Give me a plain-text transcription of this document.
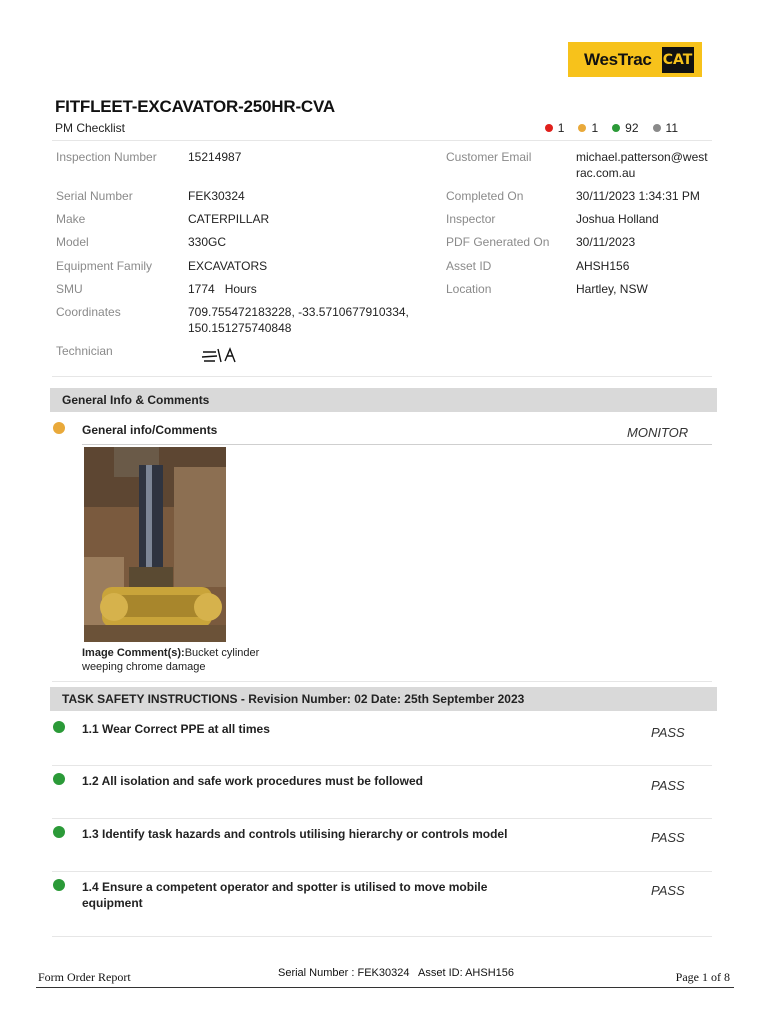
WesTrac CAT
FITFLEET-EXCAVATOR-250HR-CVA
PM Checklist	1 1 92 11
Inspection Number	15214987
Serial Number	FEK30324
Make	CATERPILLAR
Model	330GC
Equipment Family	EXCAVATORS
SMU	1774   Hours
Coordinates	709.755472183228, -33.5710677910334,
150.151275740848
Technician
Customer Email	michael.patterson@west
rac.com.au
Completed On	30/11/2023 1:34:31 PM
Inspector	Joshua Holland
PDF Generated On 30/11/2023
Asset ID	AHSH156
Location	Hartley, NSW
General Info & Comments
General info/Comments	MONITOR
Image Comment(s):Bucket cylinder weeping chrome damage
TASK SAFETY INSTRUCTIONS - Revision Number: 02 Date: 25th September 2023
1.1 Wear Correct PPE at all times	PASS
1.2 All isolation and safe work procedures must be followed	PASS
1.3 Identify task hazards and controls utilising hierarchy or controls model	PASS
1.4 Ensure a competent operator and spotter is utilised to move mobile
equipment
PASS
Form Order Report	Serial Number : FEK30324   Asset ID: AHSH156	Page 1 of 8
